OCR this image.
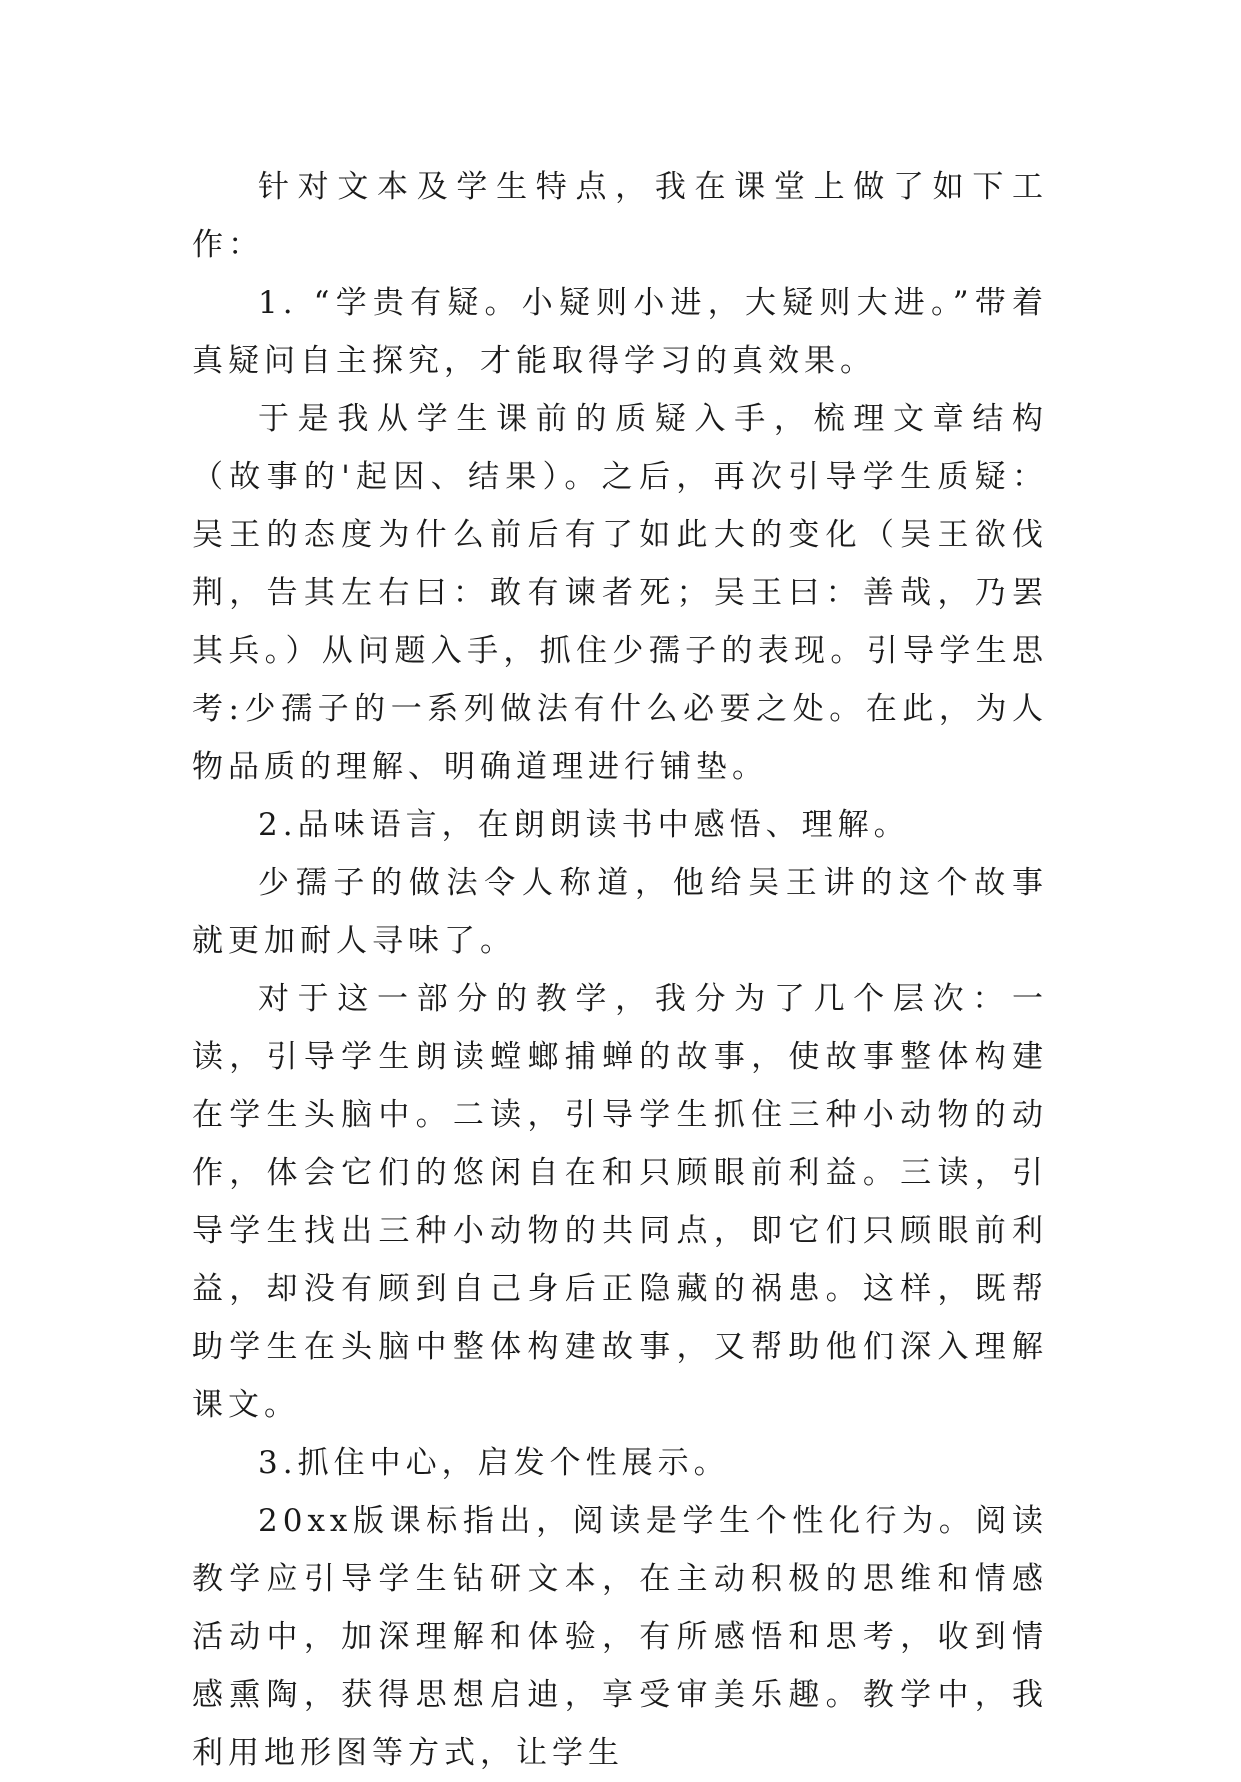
针对文本及学生特点，我在课堂上做了如下工作：

1. “学贵有疑。小疑则小进，大疑则大进。”带着真疑问自主探究，才能取得学习的真效果。

于是我从学生课前的质疑入手，梳理文章结构（故事的'起因、结果）。之后，再次引导学生质疑：吴王的态度为什么前后有了如此大的变化（吴王欲伐荆，告其左右曰：敢有谏者死；吴王曰：善哉，乃罢其兵。）从问题入手，抓住少孺子的表现。引导学生思考:少孺子的一系列做法有什么必要之处。在此，为人物品质的理解、明确道理进行铺垫。

2.品味语言，在朗朗读书中感悟、理解。

少孺子的做法令人称道，他给吴王讲的这个故事就更加耐人寻味了。

对于这一部分的教学，我分为了几个层次：一读，引导学生朗读螳螂捕蝉的故事，使故事整体构建在学生头脑中。二读，引导学生抓住三种小动物的动作，体会它们的悠闲自在和只顾眼前利益。三读，引导学生找出三种小动物的共同点，即它们只顾眼前利益，却没有顾到自己身后正隐藏的祸患。这样，既帮助学生在头脑中整体构建故事，又帮助他们深入理解课文。

3.抓住中心，启发个性展示。

20xx版课标指出，阅读是学生个性化行为。阅读教学应引导学生钻研文本，在主动积极的思维和情感活动中，加深理解和体验，有所感悟和思考，收到情感熏陶，获得思想启迪，享受审美乐趣。教学中，我利用地形图等方式，让学生
